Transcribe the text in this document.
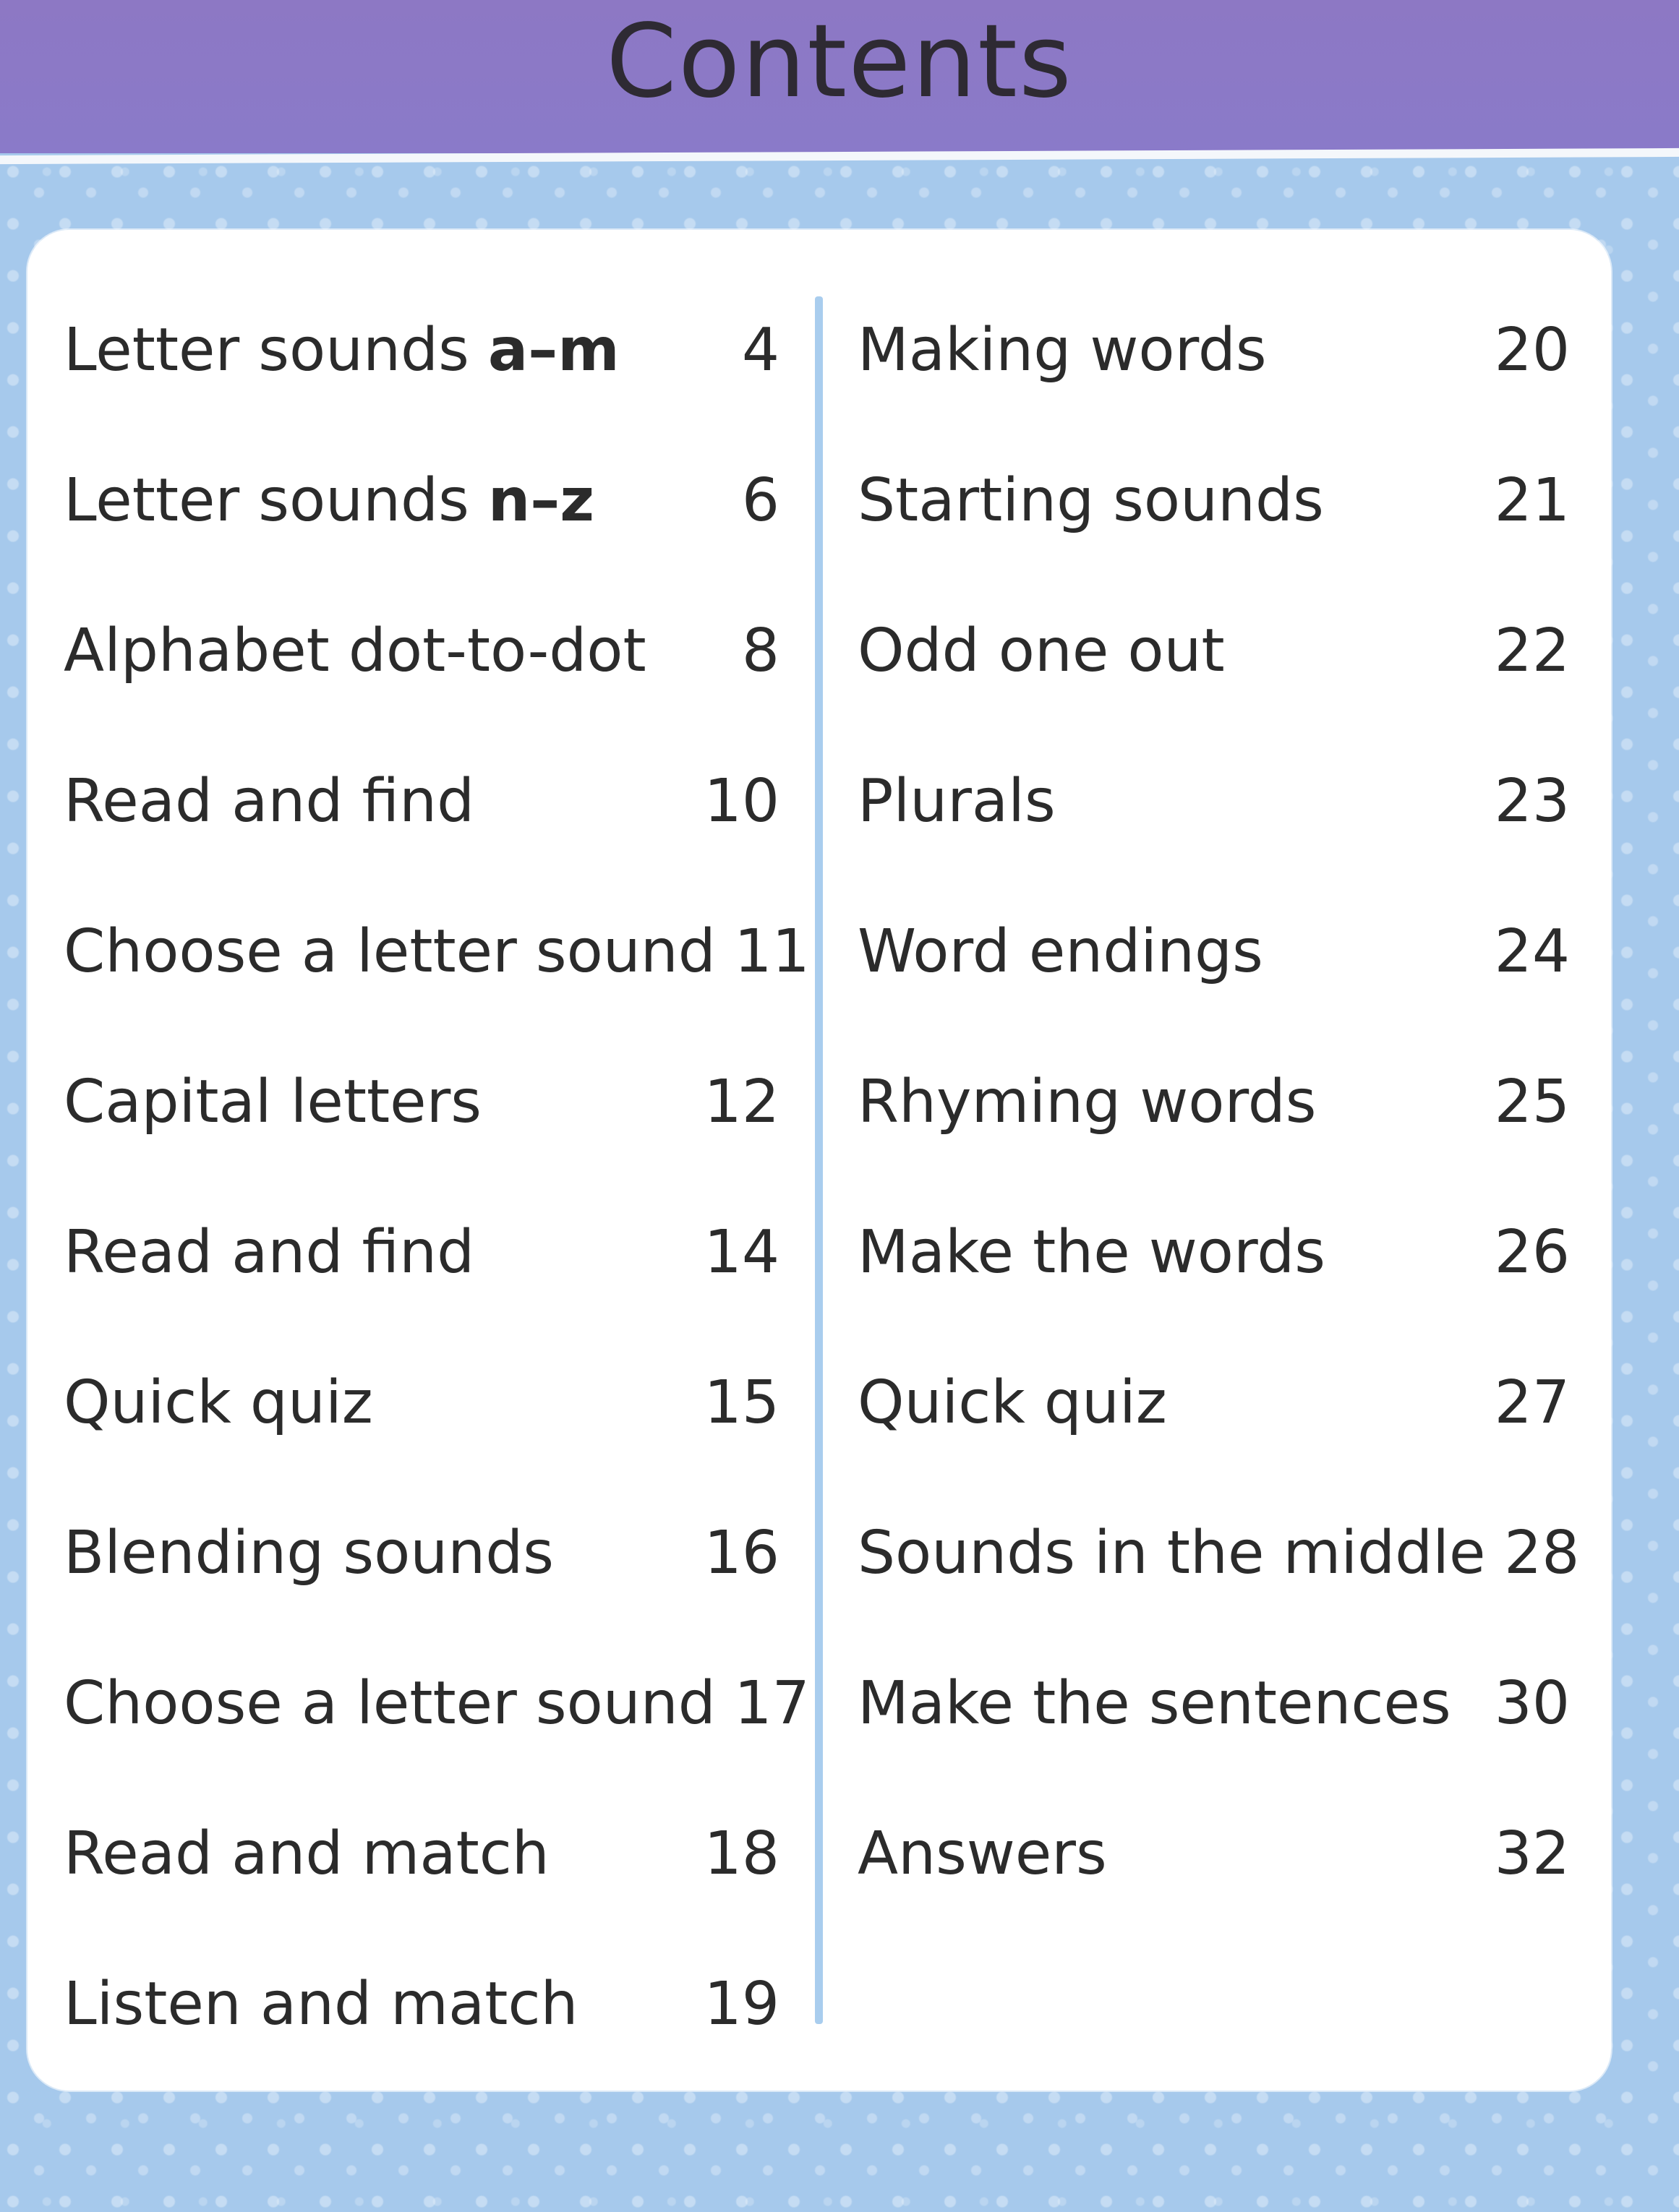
Contents
Letter sounds a–m	4
Letter sounds n–z	6
Alphabet dot-to-dot	8
Read and find	10
Choose a letter sound 11
Capital letters	12
Read and find	14
Quick quiz	15
Blending sounds	16
Choose a letter sound 17
Read and match	18
Listen and match	19
Making words	20
Starting sounds	21
Odd one out	22
Plurals	23
Word endings	24
Rhyming words	25
Make the words	26
Quick quiz	27
Sounds in the middle 28
Make the sentences 30
Answers	32
